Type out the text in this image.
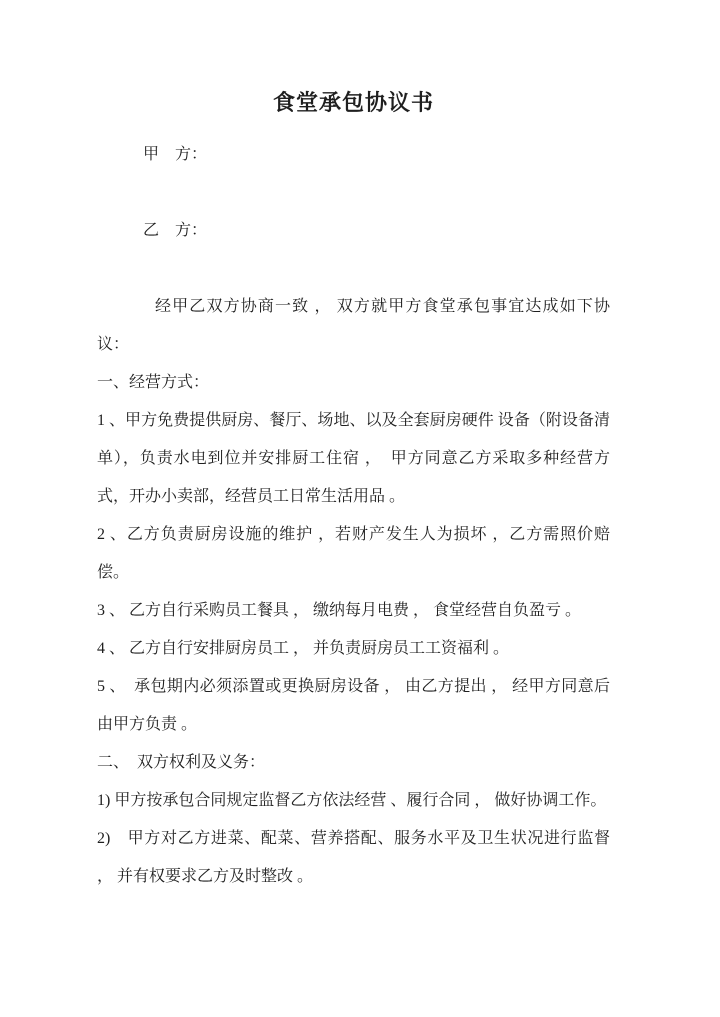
食堂承包协议书

甲　方：

乙　方：

经甲乙双方协商一致 ， 双方就甲方食堂承包事宜达成如下协议：

一、经营方式：

1 、甲方免费提供厨房、餐厅、场地、以及全套厨房硬件 设备（附设备清单），负责水电到位并安排厨工住宿 ，　甲方同意乙方采取多种经营方式，开办小卖部，经营员工日常生活用品 。

2 、乙方负责厨房设施的维护 ，若财产发生人为损坏 ，乙方需照价赔偿。

3 、 乙方自行采购员工餐具 ， 缴纳每月电费 ， 食堂经营自负盈亏 。

4 、 乙方自行安排厨房员工 ， 并负责厨房员工工资福利 。

5 、　承包期内必须添置或更换厨房设备 ， 由乙方提出 ， 经甲方同意后由甲方负责 。

二、　双方权利及义务：

1) 甲方按承包合同规定监督乙方依法经营 、履行合同 ， 做好协调工作。

2)　甲方对乙方进菜、配菜、营养搭配、服务水平及卫生状况进行监督 ， 并有权要求乙方及时整改 。
